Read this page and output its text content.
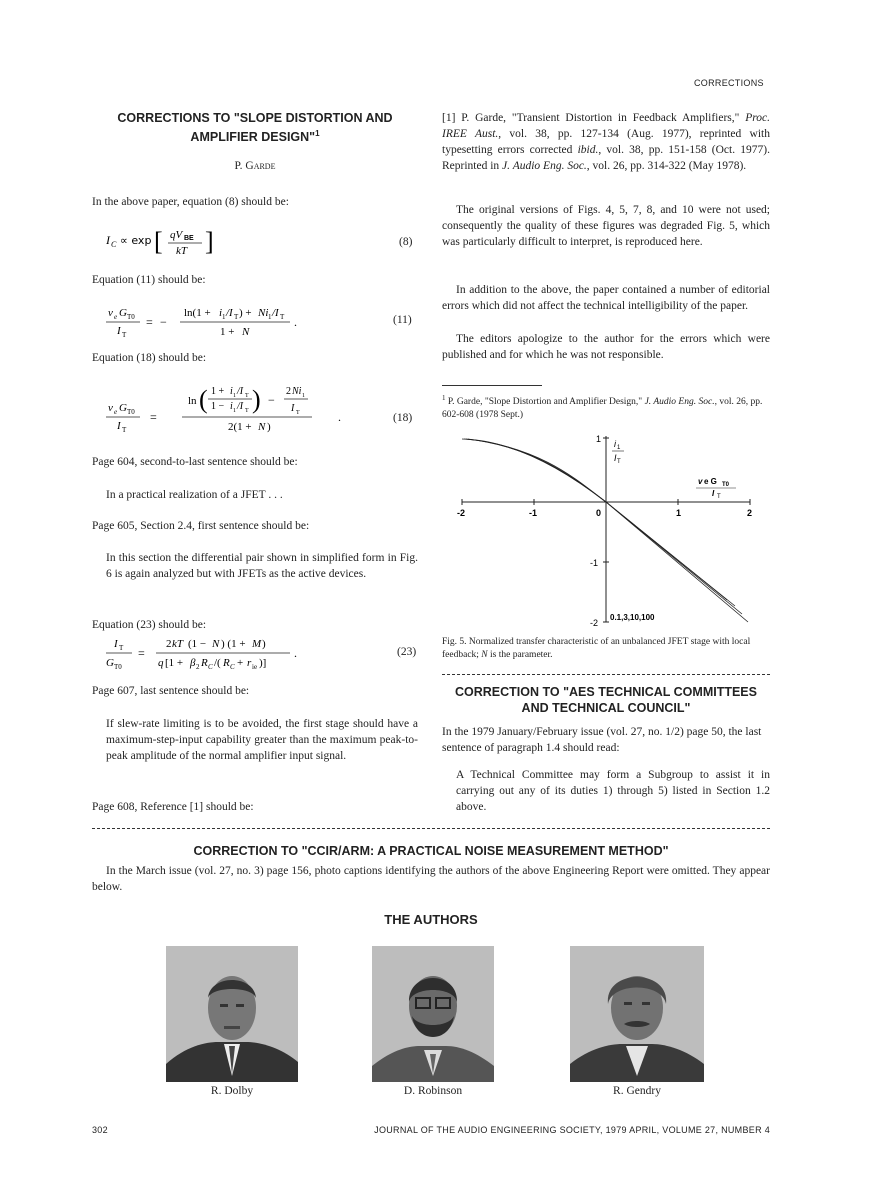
CORRECTIONS
CORRECTIONS TO "SLOPE DISTORTION AND AMPLIFIER DESIGN"$^1$
P. Garde
In the above paper, equation (8) should be:
I C ∝ exp [ qV BE
kT ]	(8)
Equation (11) should be:
v e G T0
I T
= −
ln(1 + i 1 /I T ) + Ni 1 /I T
1 + N
.	(11)
Equation (18) should be:
v e G T0
I T
=
ln ( 1 + i 1 /I T
1 − i 1 /I T ) −
2 Ni 1
I T
2(1 + N )
.	(18)
Page 604, second-to-last sentence should be:
In a practical realization of a JFET . . .
Page 605, Section 2.4, first sentence should be:
In this section the differential pair shown in simplified form in Fig. 6 is again analyzed but with JFETs as the active devices.
Equation (23) should be:
I T
G T0
=
2 kT (1 − N ) (1 + M )
q [1 + β 2 R C /( R C + r ie )]
.	(23)
Page 607, last sentence should be:
If slew-rate limiting is to be avoided, the first stage should have a maximum-step-input capability greater than the maximum peak-to-peak amplitude of the normal amplifier input signal.
Page 608, Reference [1] should be:
[1] P. Garde, "Transient Distortion in Feedback Amplifiers," Proc. IREE Aust., vol. 38, pp. 127-134 (Aug. 1977), reprinted with typesetting errors corrected ibid., vol. 38, pp. 151-158 (Oct. 1977). Reprinted in J. Audio Eng. Soc., vol. 26, pp. 314-322 (May 1978).
The original versions of Figs. 4, 5, 7, 8, and 10 were not used; consequently the quality of these figures was degraded Fig. 5, which was particularly difficult to interpret, is reproduced here.
In addition to the above, the paper contained a number of editorial errors which did not affect the technical intelligibility of the paper.
The editors apologize to the author for the errors which were published and for which he was not responsible.
$^1$ P. Garde, "Slope Distortion and Amplifier Design," J. Audio Eng. Soc., vol. 26, pp. 602-608 (1978 Sept.)
-2	-1	0	1	2
1
-1
-2
i 1
I T
v e G T0
I T
0.1,3,10,100
Fig. 5. Normalized transfer characteristic of an unbalanced JFET stage with local feedback; N is the parameter.
CORRECTION TO "AES TECHNICAL COMMITTEES AND TECHNICAL COUNCIL"
In the 1979 January/February issue (vol. 27, no. 1/2) page 50, the last sentence of paragraph 1.4 should read:
A Technical Committee may form a Subgroup to assist it in carrying out any of its duties 1) through 5) listed in Section 1.2 above.
CORRECTION TO "CCIR/ARM: A PRACTICAL NOISE MEASUREMENT METHOD"
In the March issue (vol. 27, no. 3) page 156, photo captions identifying the authors of the above Engineering Report were omitted. They appear below.
THE AUTHORS
R. Dolby	D. Robinson	R. Gendry
302	JOURNAL OF THE AUDIO ENGINEERING SOCIETY, 1979 APRIL, VOLUME 27, NUMBER 4
